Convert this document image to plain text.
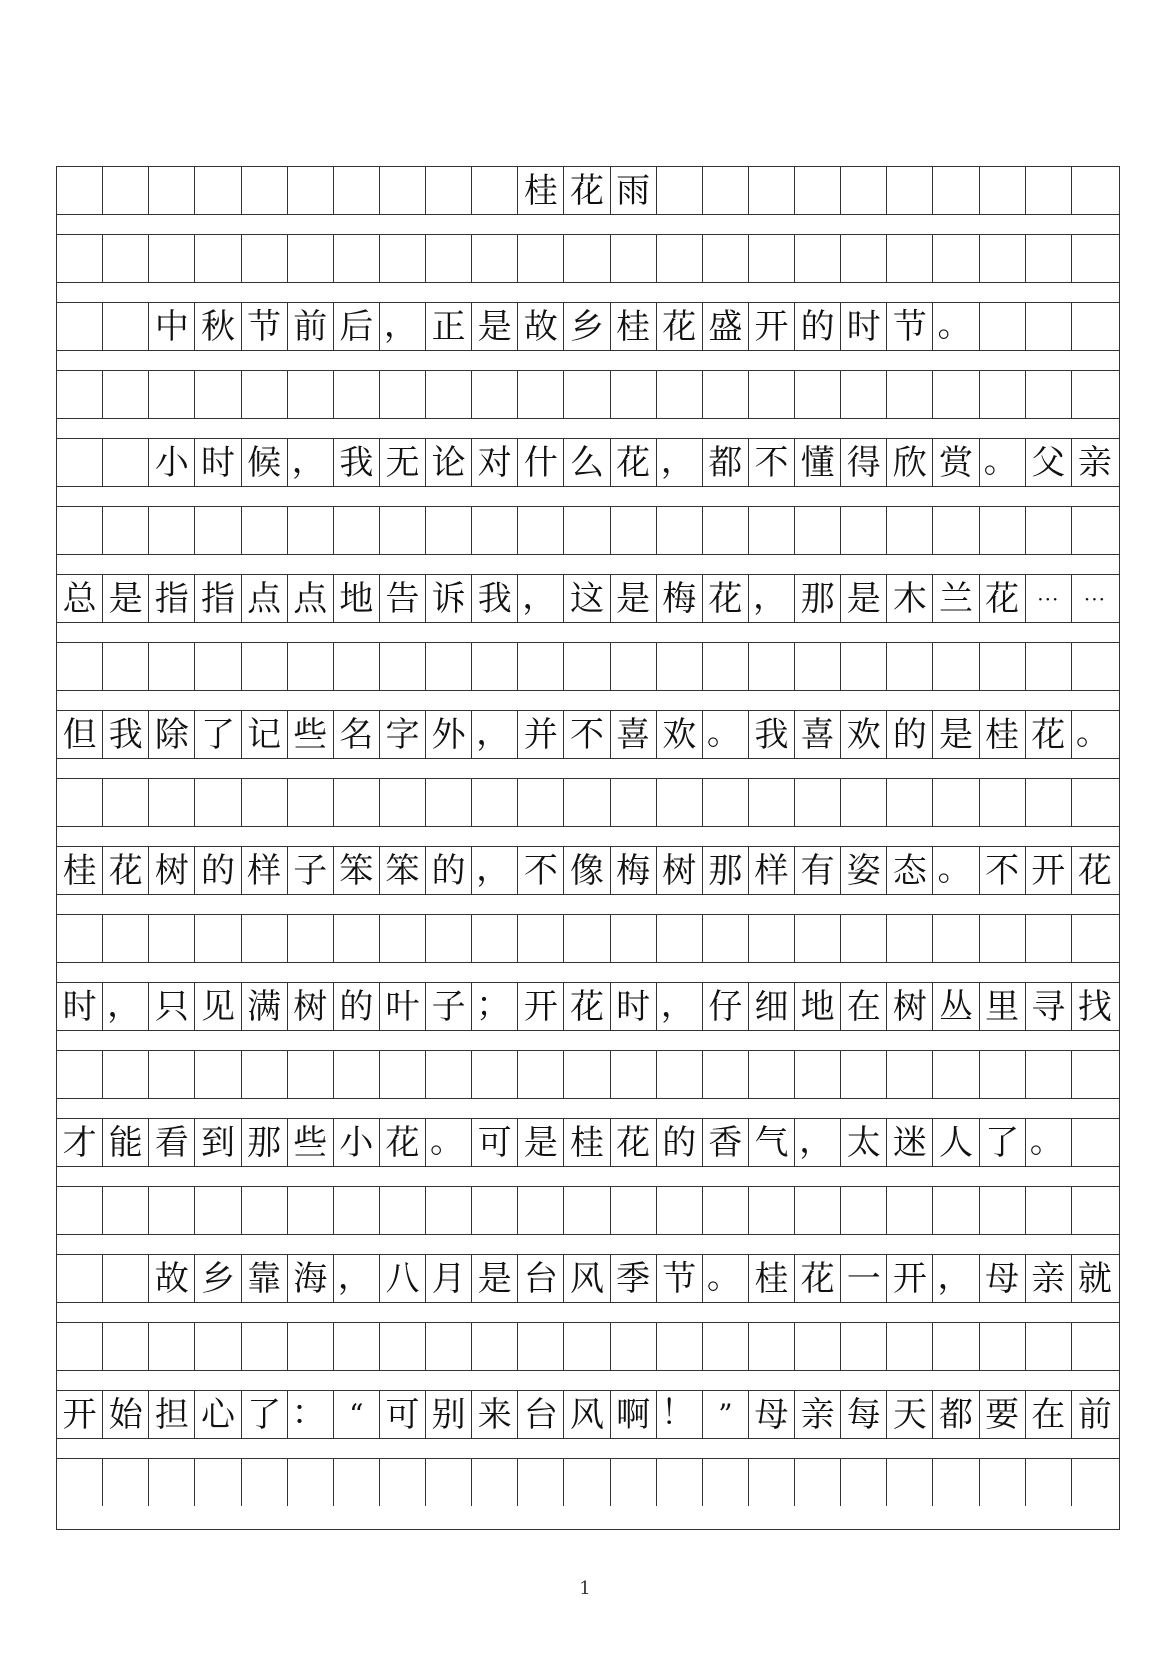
桂 花 雨
中 秋 节 前 后 ， 正 是 故 乡 桂 花 盛 开 的 时 节 。
小 时 候 ， 我 无 论 对 什 么 花 ， 都 不 懂 得 欣 赏 。 父 亲
总 是 指 指 点 点 地 告 诉 我 ， 这 是 梅 花 ， 那 是 木 兰 花 ···	···
但 我 除 了 记 些 名 字 外 ， 并 不 喜 欢 。 我 喜 欢 的 是 桂 花 。
桂 花 树 的 样 子 笨 笨 的 ， 不 像 梅 树 那 样 有 姿 态 。 不 开 花
时 ， 只 见 满 树 的 叶 子 ； 开 花 时 ， 仔 细 地 在 树 丛 里 寻 找
才 能 看 到 那 些 小 花 。 可 是 桂 花 的 香 气 ， 太 迷 人 了 。
故 乡 靠 海 ， 八 月 是 台 风 季 节 。 桂 花 一 开 ， 母 亲 就
开 始 担 心 了 ： “ 可 别 来 台 风 啊 ！ ” 母 亲 每 天 都 要 在 前
1
